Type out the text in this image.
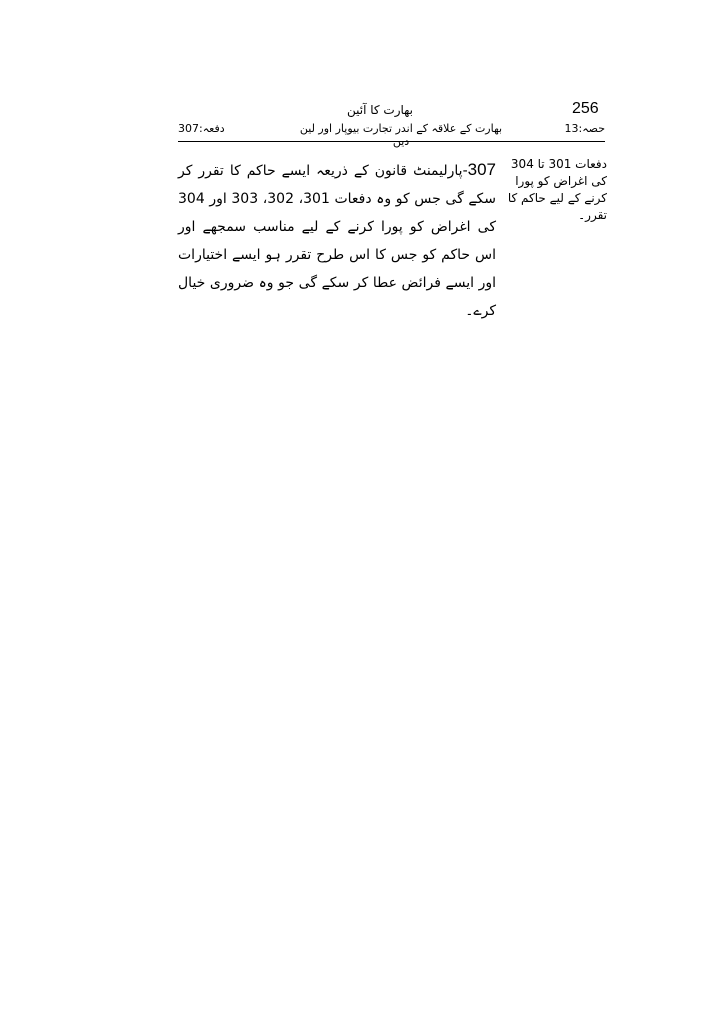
256
بھارت کا آئین
حصہ:13
بھارت کے علاقہ کے اندر تجارت بیوپار اور لین دین
دفعہ:307
دفعات 301 تا 304 کی اغراض کو پورا کرنے کے لیے حاکم کا تقرر۔
307-پارلیمنٹ قانون کے ذریعہ ایسے حاکم کا تقرر کر سکے گی جس کو وہ دفعات 301، 302، 303 اور 304 کی اغراض کو پورا کرنے کے لیے مناسب سمجھے اور اس حاکم کو جس کا اس طرح تقرر ہو ایسے اختیارات اور ایسے فرائض عطا کر سکے گی جو وہ ضروری خیال کرے۔
